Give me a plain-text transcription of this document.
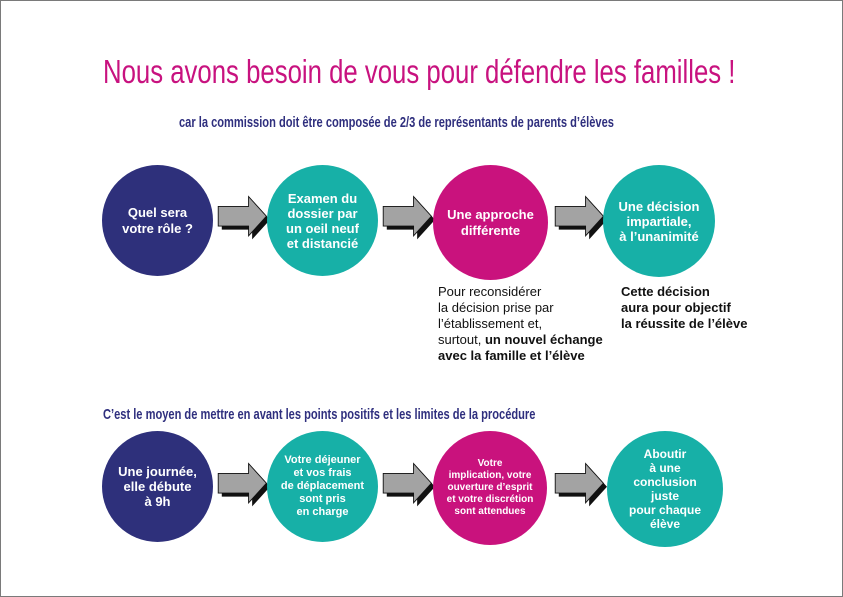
Nous avons besoin de vous pour défendre les familles !
car la commission doit être composée de 2/3 de représentants de parents d’élèves
Quel sera
votre rôle ?
Examen du
dossier par
un oeil neuf
et distancié
Une approche
différente
Une décision
impartiale,
à l’unanimité
Pour reconsidérer
la décision prise par
l’établissement et,
surtout, un nouvel échange
avec la famille et l’élève
Cette décision
aura pour objectif
la réussite de l’élève
C’est le moyen de mettre en avant les points positifs et les limites de la procédure
Une journée,
elle débute
à 9h
Votre déjeuner
et vos frais
de déplacement
sont pris
en charge
Votre
implication, votre
ouverture d’esprit
et votre discrétion
sont attendues
Aboutir
à une
conclusion
juste
pour chaque
élève
